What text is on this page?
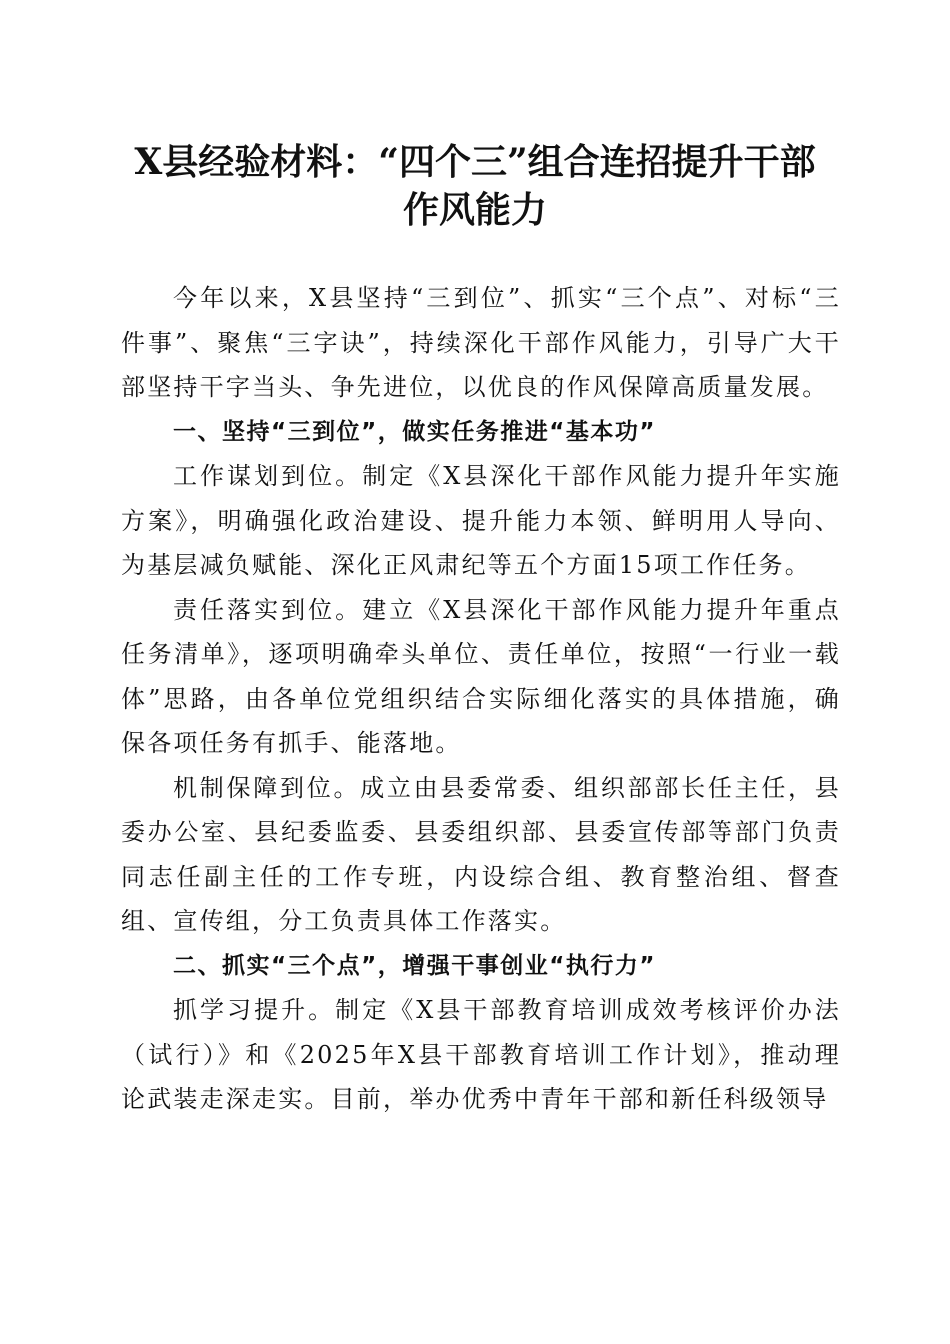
X县经验材料：“四个三”组合连招提升干部
作风能力

今年以来，X县坚持“三到位”、抓实“三个点”、对标“三件事”、聚焦“三字诀”，持续深化干部作风能力，引导广大干部坚持干字当头、争先进位，以优良的作风保障高质量发展。

一、坚持“三到位”，做实任务推进“基本功”

工作谋划到位。制定《X县深化干部作风能力提升年实施方案》，明确强化政治建设、提升能力本领、鲜明用人导向、为基层减负赋能、深化正风肃纪等五个方面15项工作任务。

责任落实到位。建立《X县深化干部作风能力提升年重点任务清单》，逐项明确牵头单位、责任单位，按照“一行业一载体”思路，由各单位党组织结合实际细化落实的具体措施，确保各项任务有抓手、能落地。

机制保障到位。成立由县委常委、组织部部长任主任，县委办公室、县纪委监委、县委组织部、县委宣传部等部门负责同志任副主任的工作专班，内设综合组、教育整治组、督查组、宣传组，分工负责具体工作落实。

二、抓实“三个点”，增强干事创业“执行力”

抓学习提升。制定《X县干部教育培训成效考核评价办法（试行）》和《2025年X县干部教育培训工作计划》，推动理论武装走深走实。目前，举办优秀中青年干部和新任科级领导
